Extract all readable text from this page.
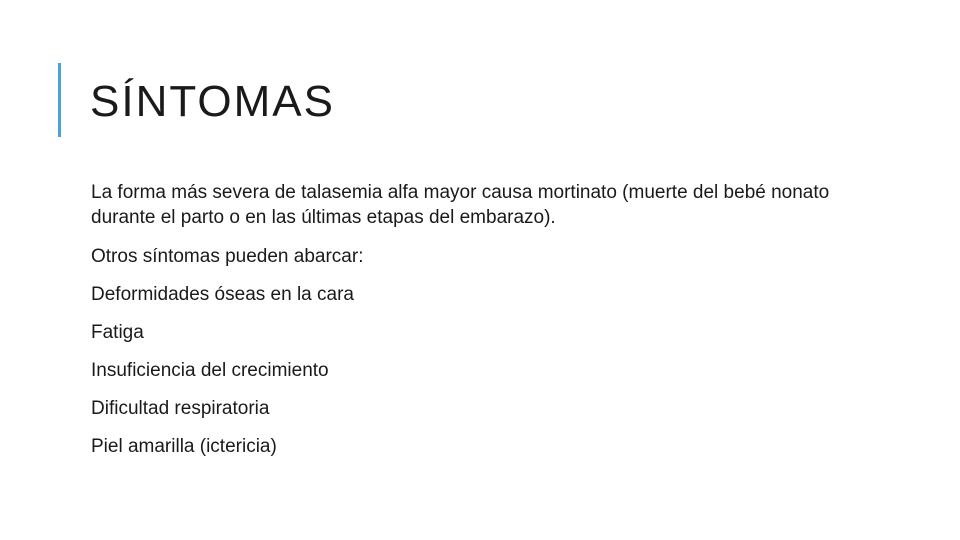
SÍNTOMAS

La forma más severa de talasemia alfa mayor causa mortinato (muerte del bebé nonato durante el parto o en las últimas etapas del embarazo).

Otros síntomas pueden abarcar:

Deformidades óseas en la cara

Fatiga

Insuficiencia del crecimiento

Dificultad respiratoria

Piel amarilla (ictericia)
